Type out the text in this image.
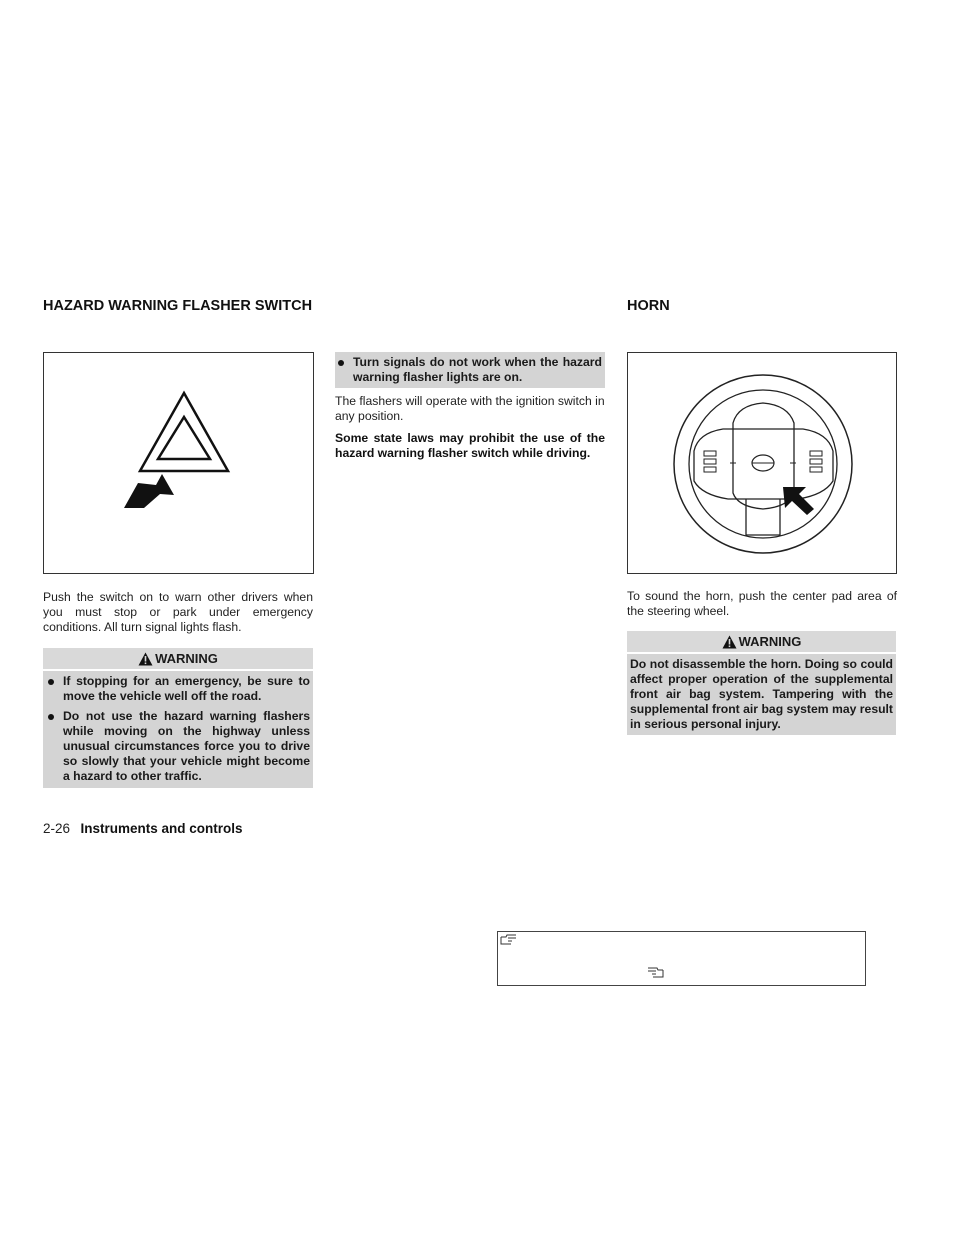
HAZARD WARNING FLASHER SWITCH
Push the switch on to warn other drivers when you must stop or park under emergency conditions. All turn signal lights flash.
WARNING
If stopping for an emergency, be sure to move the vehicle well off the road.
Do not use the hazard warning flashers while moving on the highway unless unusual circumstances force you to drive so slowly that your vehicle might become a hazard to other traffic.
Turn signals do not work when the hazard warning flasher lights are on.
The flashers will operate with the ignition switch in any position.
Some state laws may prohibit the use of the hazard warning flasher switch while driving.
HORN
To sound the horn, push the center pad area of the steering wheel.
WARNING
Do not disassemble the horn. Doing so could affect proper operation of the supplemental front air bag system. Tampering with the supplemental front air bag system may result in serious personal injury.
2-26 Instruments and controls
